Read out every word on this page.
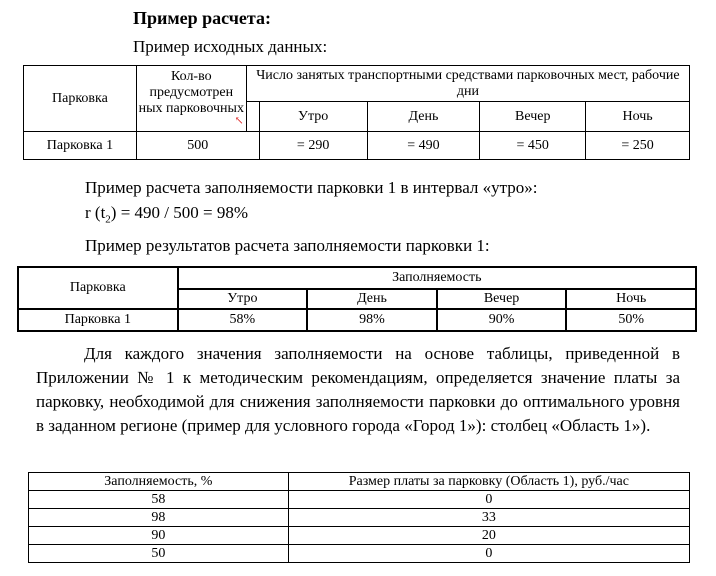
Пример расчета:
Пример исходных данных:
Парковка	Кол-во предусмотрен ных парковочных
↖	Число занятых транспортными средствами парковочных мест, рабочие дни				
			Утро	День	Вечер	Ночь
Парковка 1	500		= 290	= 490	= 450	= 250
Пример расчета заполняемости парковки 1 в интервал «утро»:
r $(t_2) = 490 / 500 = 98\%$
Пример результатов расчета заполняемости парковки 1:
Парковка	Заполняемость			
	Утро	День	Вечер	Ночь
Парковка 1	58%	98%	90%	50%
Для каждого значения заполняемости на основе таблицы, приведенной в Приложении № 1 к методическим рекомендациям, определяется значение платы за парковку, необходимой для снижения заполняемости парковки до оптимального уровня в заданном регионе (пример для условного города «Город 1»): столбец «Область 1»).
Заполняемость, %	Размер платы за парковку (Область 1), руб./час
58	0
98	33
90	20
50	0
